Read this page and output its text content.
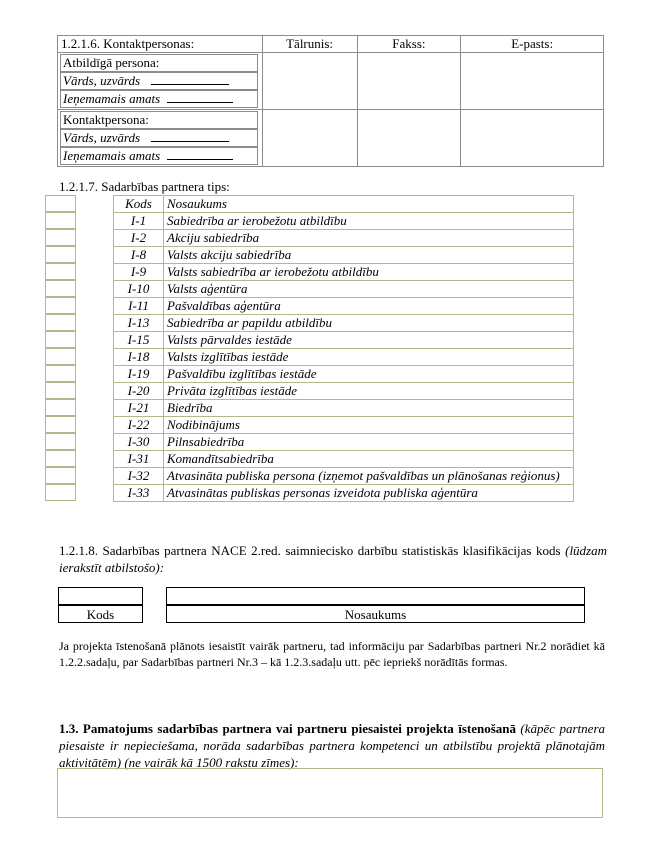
1.2.1.6. Kontaktpersonas:	Tālrunis:	Fakss:	E-pasts:

Atbildīgā persona:
Vārds, uzvārds
Ieņemamais amats			

Kontaktpersona:
Vārds, uzvārds
Ieņemamais amats			

1.2.1.7. Sadarbības partnera tips:
Kods	Nosaukums
I-1	Sabiedrība ar ierobežotu atbildību
I-2	Akciju sabiedrība
I-8	Valsts akciju sabiedrība
I-9	Valsts sabiedrība ar ierobežotu atbildību
I-10	Valsts aģentūra
I-11	Pašvaldības aģentūra
I-13	Sabiedrība ar papildu atbildību
I-15	Valsts pārvaldes iestāde
I-18	Valsts izglītības iestāde
I-19	Pašvaldību izglītības iestāde
I-20	Privāta izglītības iestāde
I-21	Biedrība
I-22	Nodibinājums
I-30	Pilnsabiedrība
I-31	Komandītsabiedrība
I-32	Atvasināta publiska persona (izņemot pašvaldības un plānošanas reģionus)
I-33	Atvasinātas publiskas personas izveidota publiska aģentūra
1.2.1.8. Sadarbības partnera NACE 2.red. saimniecisko darbību statistiskās klasifikācijas kods (lūdzam ierakstīt atbilstošo):
Kods	Nosaukums
Ja projekta īstenošanā plānots iesaistīt vairāk partneru, tad informāciju par Sadarbības partneri Nr.2 norādiet kā 1.2.2.sadaļu, par Sadarbības partneri Nr.3 – kā 1.2.3.sadaļu utt. pēc iepriekš norādītās formas.
1.3. Pamatojums sadarbības partnera vai partneru piesaistei projekta īstenošanā (kāpēc partnera piesaiste ir nepieciešama, norāda sadarbības partnera kompetenci un atbilstību projektā plānotajām aktivitātēm) (ne vairāk kā 1500 rakstu zīmes):
